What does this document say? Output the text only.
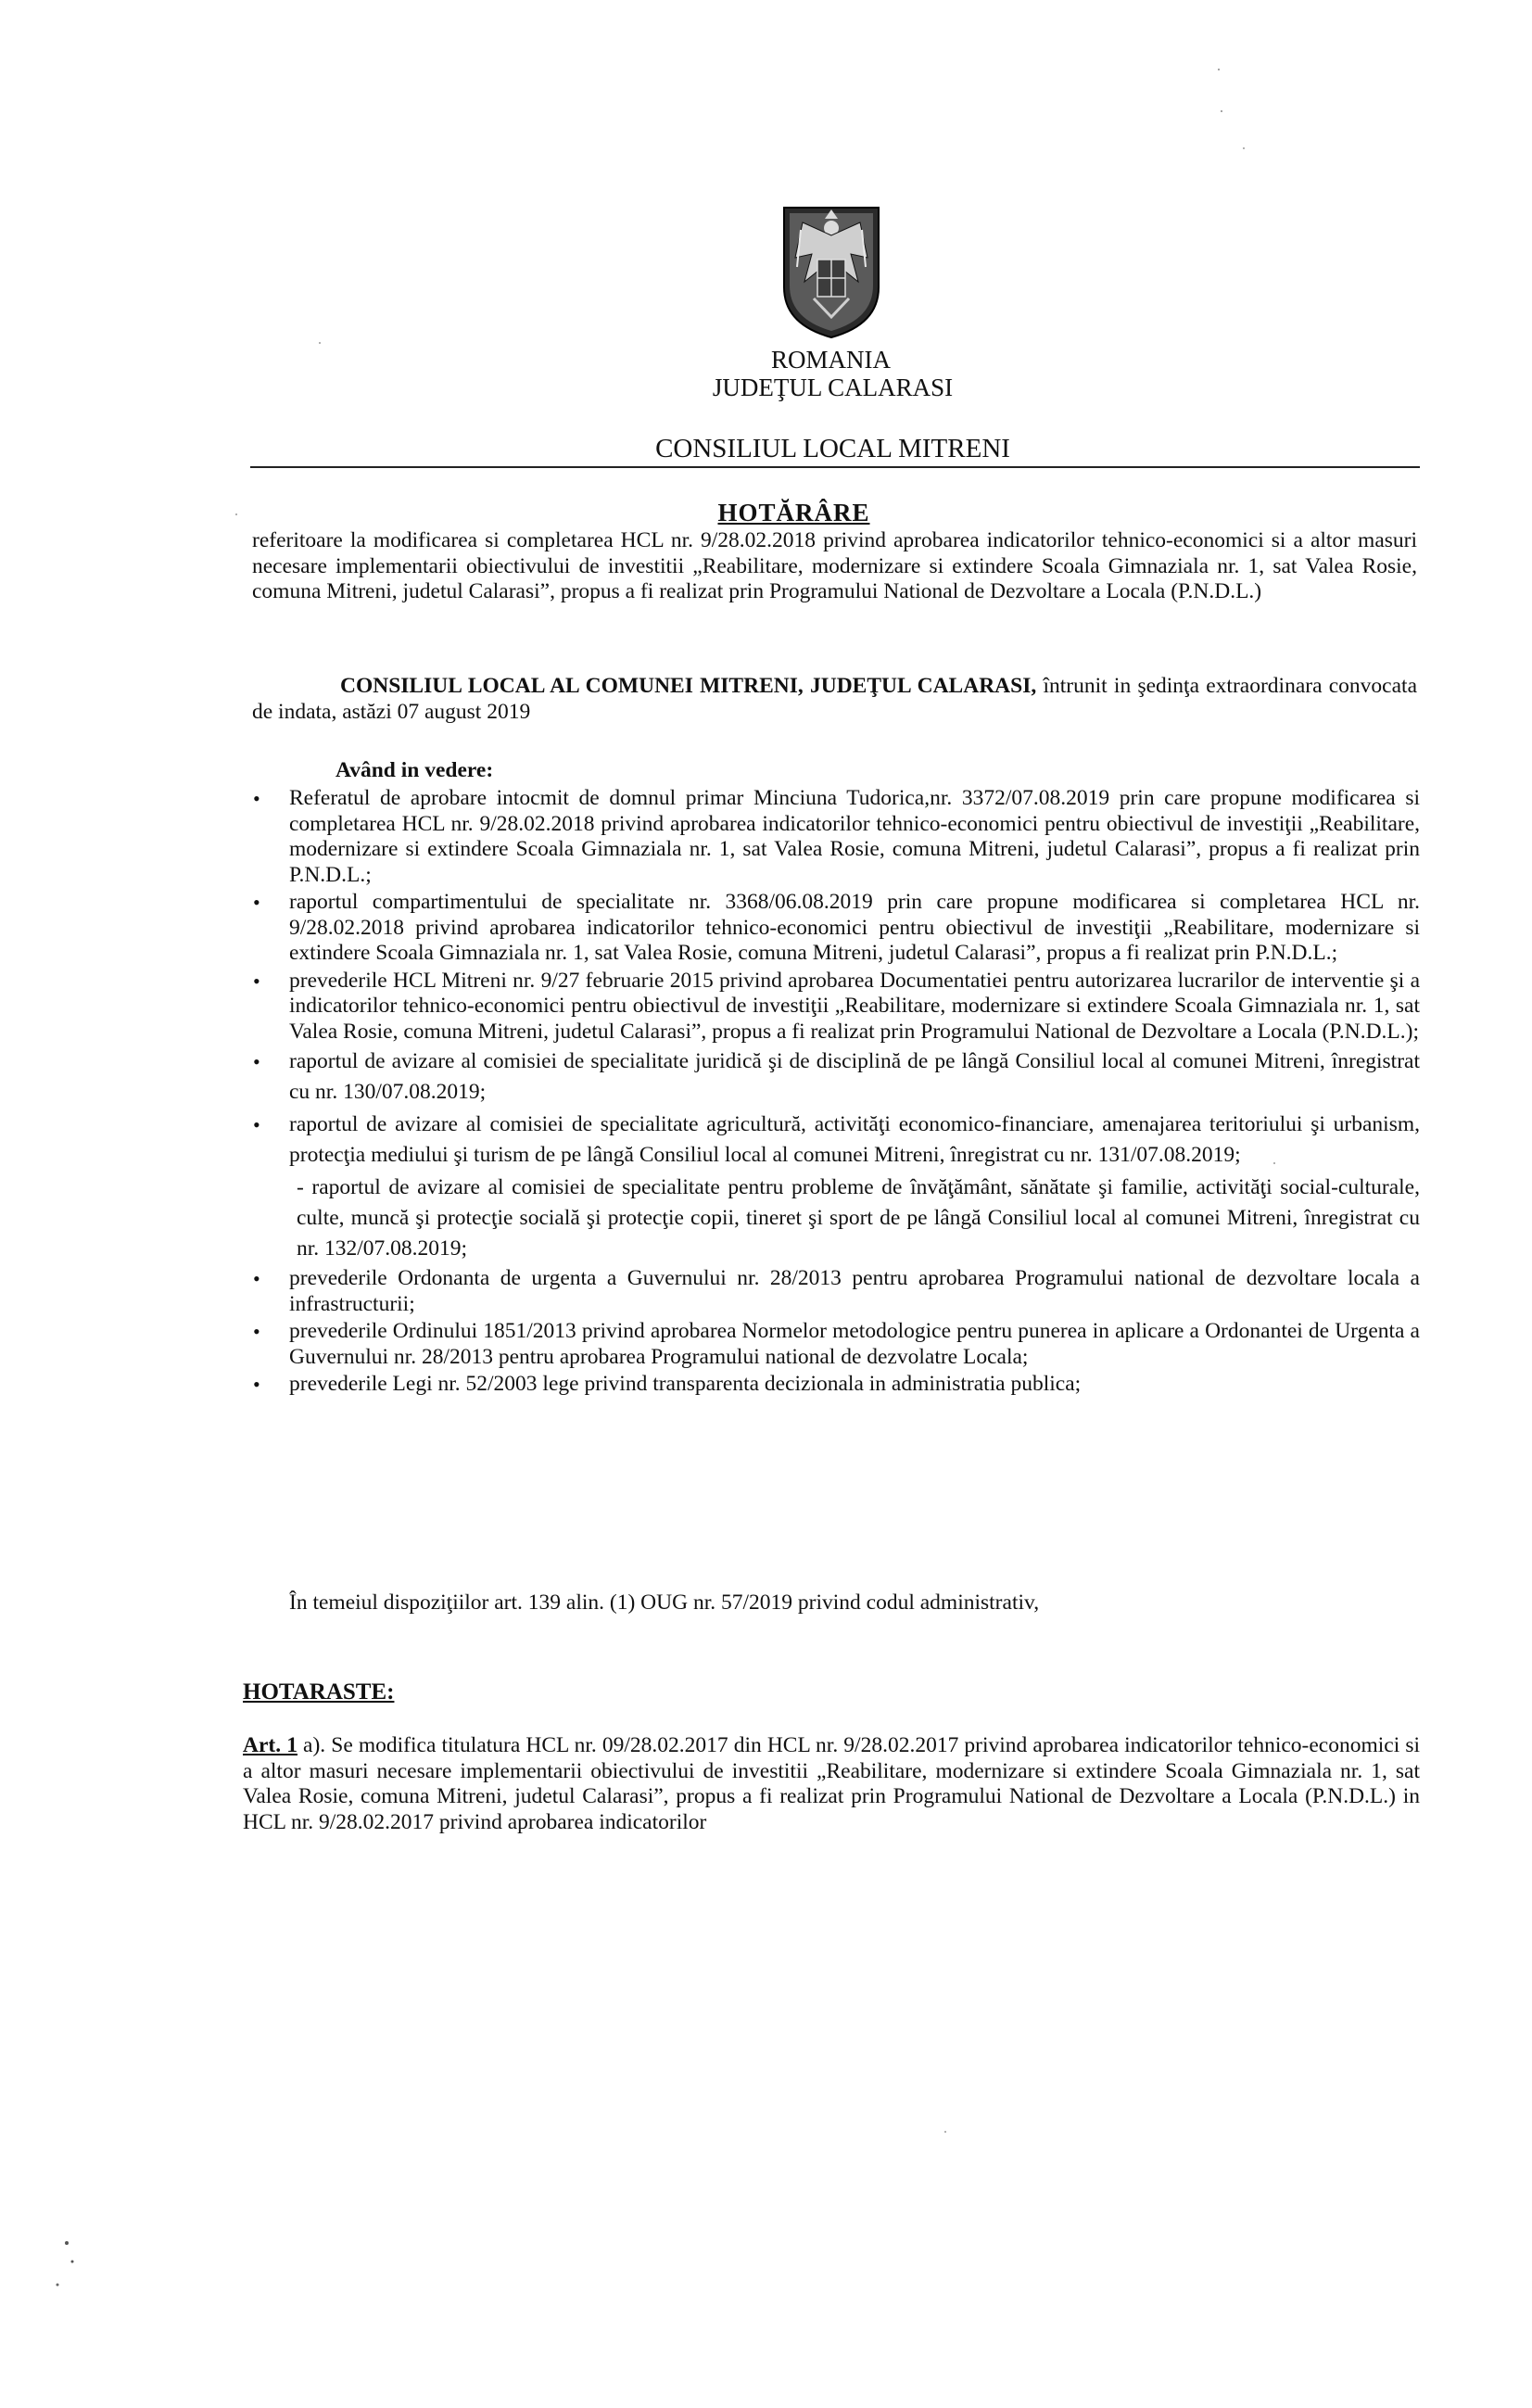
ROMANIA
JUDEŢUL CALARASI
CONSILIUL LOCAL MITRENI
HOTĂRÂRE
referitoare la modificarea si completarea HCL nr. 9/28.02.2018 privind aprobarea indicatorilor tehnico-economici si a altor masuri necesare implementarii obiectivului de investitii „Reabilitare, modernizare si extindere Scoala Gimnaziala nr. 1, sat Valea Rosie, comuna Mitreni, judetul Calarasi”, propus a fi realizat prin Programului National de Dezvoltare a Locala (P.N.D.L.)
CONSILIUL LOCAL AL COMUNEI MITRENI, JUDEŢUL CALARASI, întrunit in şedinţa extraordinara convocata de indata, astăzi 07 august 2019
Având in vedere:
• Referatul de aprobare intocmit de domnul primar Minciuna Tudorica,nr. 3372/07.08.2019 prin care propune modificarea si completarea HCL nr. 9/28.02.2018 privind aprobarea indicatorilor tehnico-economici pentru obiectivul de investiţii „Reabilitare, modernizare si extindere Scoala Gimnaziala nr. 1, sat Valea Rosie, comuna Mitreni, judetul Calarasi”, propus a fi realizat prin P.N.D.L.;
• raportul compartimentului de specialitate nr. 3368/06.08.2019 prin care propune modificarea si completarea HCL nr. 9/28.02.2018 privind aprobarea indicatorilor tehnico-economici pentru obiectivul de investiţii „Reabilitare, modernizare si extindere Scoala Gimnaziala nr. 1, sat Valea Rosie, comuna Mitreni, judetul Calarasi”, propus a fi realizat prin P.N.D.L.;
• prevederile HCL Mitreni nr. 9/27 februarie 2015 privind aprobarea Documentatiei pentru autorizarea lucrarilor de interventie şi a indicatorilor tehnico-economici pentru obiectivul de investiţii „Reabilitare, modernizare si extindere Scoala Gimnaziala nr. 1, sat Valea Rosie, comuna Mitreni, judetul Calarasi”, propus a fi realizat prin Programului National de Dezvoltare a Locala (P.N.D.L.);
• raportul de avizare al comisiei de specialitate juridică şi de disciplină de pe lângă Consiliul local al comunei Mitreni, înregistrat cu nr. 130/07.08.2019;
• raportul de avizare al comisiei de specialitate agricultură, activităţi economico-financiare, amenajarea teritoriului şi urbanism, protecţia mediului şi turism de pe lângă Consiliul local al comunei Mitreni, înregistrat cu nr. 131/07.08.2019;
- raportul de avizare al comisiei de specialitate pentru probleme de învăţământ, sănătate şi familie, activităţi social-culturale, culte, muncă şi protecţie socială şi protecţie copii, tineret şi sport de pe lângă Consiliul local al comunei Mitreni, înregistrat cu nr. 132/07.08.2019;
• prevederile Ordonanta de urgenta a Guvernului nr. 28/2013 pentru aprobarea Programului national de dezvoltare locala a infrastructurii;
• prevederile Ordinului 1851/2013 privind aprobarea Normelor metodologice pentru punerea in aplicare a Ordonantei de Urgenta a Guvernului nr. 28/2013 pentru aprobarea Programului national de dezvolatre Locala;
• prevederile Legi nr. 52/2003 lege privind transparenta decizionala in administratia publica;
În temeiul dispoziţiilor art. 139 alin. (1) OUG nr. 57/2019 privind codul administrativ,
HOTARASTE:
Art. 1 a). Se modifica titulatura HCL nr. 09/28.02.2017 din HCL nr. 9/28.02.2017 privind aprobarea indicatorilor tehnico-economici si a altor masuri necesare implementarii obiectivului de investitii „Reabilitare, modernizare si extindere Scoala Gimnaziala nr. 1, sat Valea Rosie, comuna Mitreni, judetul Calarasi”, propus a fi realizat prin Programului National de Dezvoltare a Locala (P.N.D.L.) in HCL nr. 9/28.02.2017 privind aprobarea indicatorilor
